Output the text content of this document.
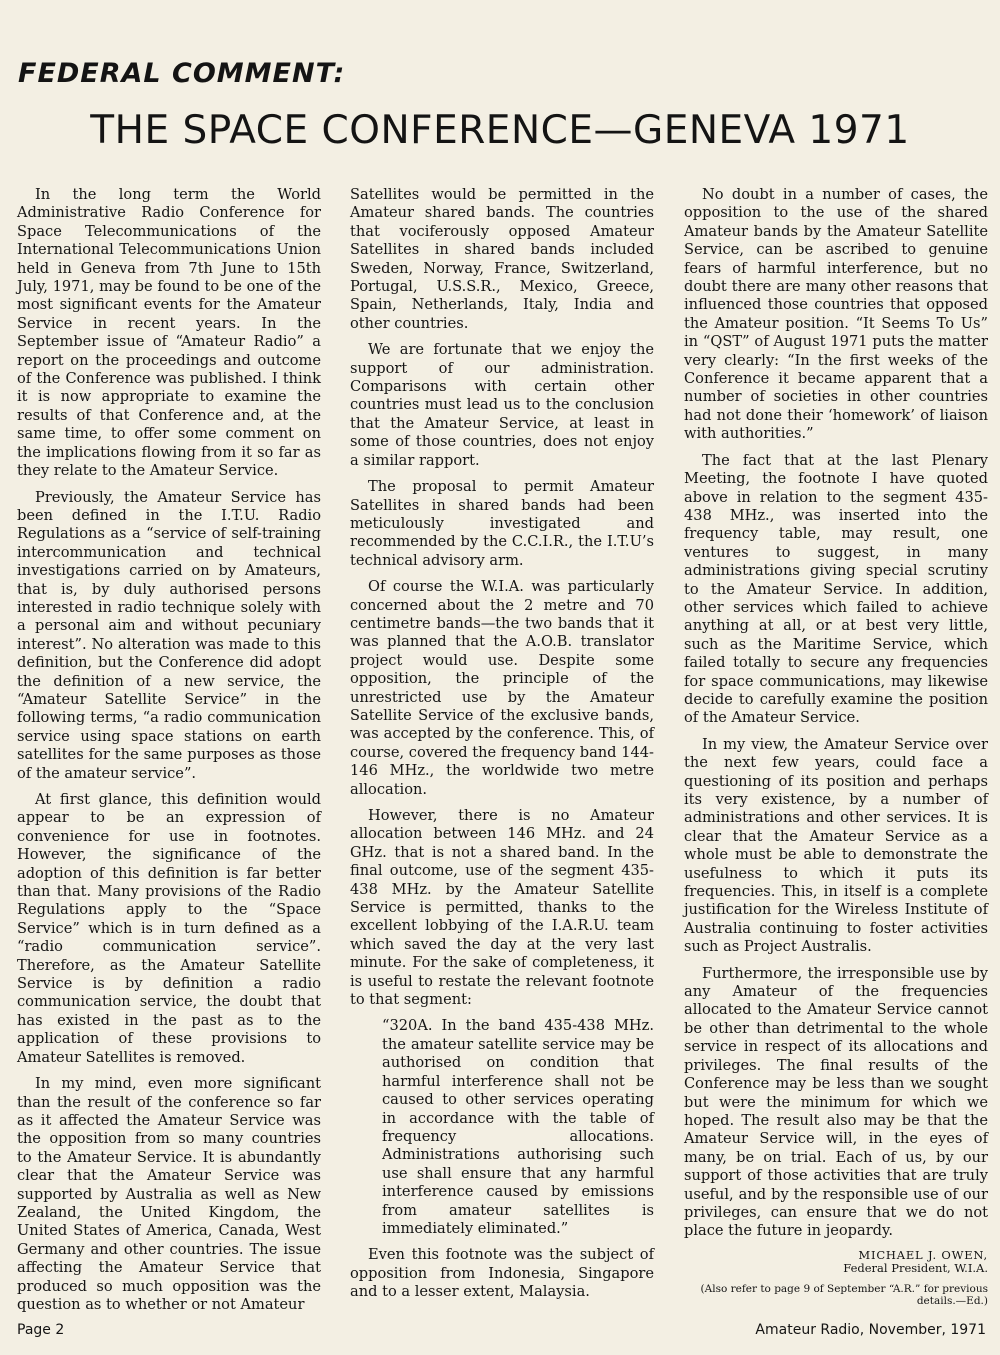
FEDERAL COMMENT:
THE SPACE CONFERENCE—GENEVA 1971

In the long term the World Administrative Radio Conference for Space Telecommunications of the International Telecommunications Union held in Geneva from 7th June to 15th July, 1971, may be found to be one of the most significant events for the Amateur Service in recent years. In the September issue of “Amateur Radio” a report on the proceedings and outcome of the Conference was published. I think it is now appropriate to examine the results of that Conference and, at the same time, to offer some comment on the implications flowing from it so far as they relate to the Amateur Service.

Previously, the Amateur Service has been defined in the I.T.U. Radio Regulations as a “service of self-training intercommunication and technical investigations carried on by Amateurs, that is, by duly authorised persons interested in radio technique solely with a personal aim and without pecuniary interest”. No alteration was made to this definition, but the Conference did adopt the definition of a new service, the “Amateur Satellite Service” in the following terms, “a radio communication service using space stations on earth satellites for the same purposes as those of the amateur service”.

At first glance, this definition would appear to be an expression of convenience for use in footnotes. However, the significance of the adoption of this definition is far better than that. Many provisions of the Radio Regulations apply to the “Space Service” which is in turn defined as a “radio communication service”. Therefore, as the Amateur Satellite Service is by definition a radio communication service, the doubt that has existed in the past as to the application of these provisions to Amateur Satellites is removed.

In my mind, even more significant than the result of the conference so far as it affected the Amateur Service was the opposition from so many countries to the Amateur Service. It is abundantly clear that the Amateur Service was supported by Australia as well as New Zealand, the United Kingdom, the United States of America, Canada, West Germany and other countries. The issue affecting the Amateur Service that produced so much opposition was the question as to whether or not Amateur

Satellites would be permitted in the Amateur shared bands. The countries that vociferously opposed Amateur Satellites in shared bands included Sweden, Norway, France, Switzerland, Portugal, U.S.S.R., Mexico, Greece, Spain, Netherlands, Italy, India and other countries.

We are fortunate that we enjoy the support of our administration. Comparisons with certain other countries must lead us to the conclusion that the Amateur Service, at least in some of those countries, does not enjoy a similar rapport.

The proposal to permit Amateur Satellites in shared bands had been meticulously investigated and recommended by the C.C.I.R., the I.T.U’s technical advisory arm.

Of course the W.I.A. was particularly concerned about the 2 metre and 70 centimetre bands—the two bands that it was planned that the A.O.B. translator project would use. Despite some opposition, the principle of the unrestricted use by the Amateur Satellite Service of the exclusive bands, was accepted by the conference. This, of course, covered the frequency band 144-146 MHz., the worldwide two metre allocation.

However, there is no Amateur allocation between 146 MHz. and 24 GHz. that is not a shared band. In the final outcome, use of the segment 435-438 MHz. by the Amateur Satellite Service is permitted, thanks to the excellent lobbying of the I.A.R.U. team which saved the day at the very last minute. For the sake of completeness, it is useful to restate the relevant footnote to that segment:

“320A. In the band 435-438 MHz. the amateur satellite service may be authorised on condition that harmful interference shall not be caused to other services operating in accordance with the table of frequency allocations. Administrations authorising such use shall ensure that any harmful interference caused by emissions from amateur satellites is immediately eliminated.”

Even this footnote was the subject of opposition from Indonesia, Singapore and to a lesser extent, Malaysia.

No doubt in a number of cases, the opposition to the use of the shared Amateur bands by the Amateur Satellite Service, can be ascribed to genuine fears of harmful interference, but no doubt there are many other reasons that influenced those countries that opposed the Amateur position. “It Seems To Us” in “QST” of August 1971 puts the matter very clearly: “In the first weeks of the Conference it became apparent that a number of societies in other countries had not done their ‘homework’ of liaison with authorities.”

The fact that at the last Plenary Meeting, the footnote I have quoted above in relation to the segment 435-438 MHz., was inserted into the frequency table, may result, one ventures to suggest, in many administrations giving special scrutiny to the Amateur Service. In addition, other services which failed to achieve anything at all, or at best very little, such as the Maritime Service, which failed totally to secure any frequencies for space communications, may likewise decide to carefully examine the position of the Amateur Service.

In my view, the Amateur Service over the next few years, could face a questioning of its position and perhaps its very existence, by a number of administrations and other services. It is clear that the Amateur Service as a whole must be able to demonstrate the usefulness to which it puts its frequencies. This, in itself is a complete justification for the Wireless Institute of Australia continuing to foster activities such as Project Australis.

Furthermore, the irresponsible use by any Amateur of the frequencies allocated to the Amateur Service cannot be other than detrimental to the whole service in respect of its allocations and privileges. The final results of the Conference may be less than we sought but were the minimum for which we hoped. The result also may be that the Amateur Service will, in the eyes of many, be on trial. Each of us, by our support of those activities that are truly useful, and by the responsible use of our privileges, can ensure that we do not place the future in jeopardy.

MICHAEL J. OWEN,
Federal President, W.I.A.
(Also refer to page 9 of September “A.R.” for previous details.—Ed.)
Page 2	Amateur Radio, November, 1971
